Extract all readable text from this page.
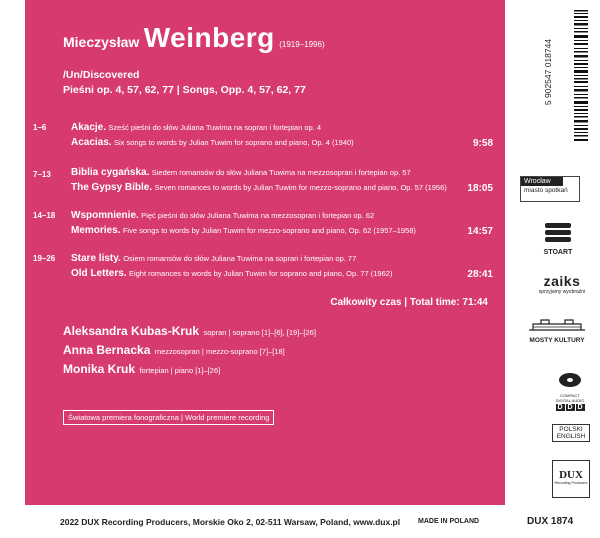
Mieczysław Weinberg (1919–1996)
/Un/Discovered
Pieśni op. 4, 57, 62, 77 | Songs, Opp. 4, 57, 62, 77
1–6	Akacje. Sześć pieśni do słów Juliana Tuwima na sopran i fortepian op. 4
Acacias. Six songs to words by Julian Tuwim for soprano and piano, Op. 4 (1940)	9:58
7–13	Biblia cygańska. Siedem romansów do słów Juliana Tuwima na mezzosopran i fortepian op. 57
The Gypsy Bible. Seven romances to words by Julian Tuwim for mezzo-soprano and piano, Op. 57 (1956) 18:05
14–18	Wspomnienie. Pięć pieśni do słów Juliana Tuwima na mezzosopran i fortepian op. 62
Memories. Five songs to words by Julian Tuwim for mezzo-soprano and piano, Op. 62 (1957–1958)	14:57
19–26	Stare listy. Osiem romansów do słów Juliana Tuwima na sopran i fortepian op. 77
Old Letters. Eight romances to words by Julian Tuwim for soprano and piano, Op. 77 (1962)	28:41
Całkowity czas | Total time: 71:44
Aleksandra Kubas-Kruk sopran | soprano [1]–[6], [19]–[26]
Anna Bernacka mezzosopran | mezzo-soprano [7]–[18]
Monika Kruk fortepian | piano [1]–[26]
Światowa premiera fonograficzna | World premiere recording
2022 DUX Recording Producers, Morskie Oko 2, 02-511 Warsaw, Poland, www.dux.pl	MADE IN POLAND	DUX 1874
5 902547 018744
Wrocław
miasto spotkań
STOART
zaiks
sprzyjamy wyobraźni
MOSTY KULTURY
COMPACT
DIGITAL AUDIO
D D D
POLSKI
ENGLISH
DUX
Recording Producers
